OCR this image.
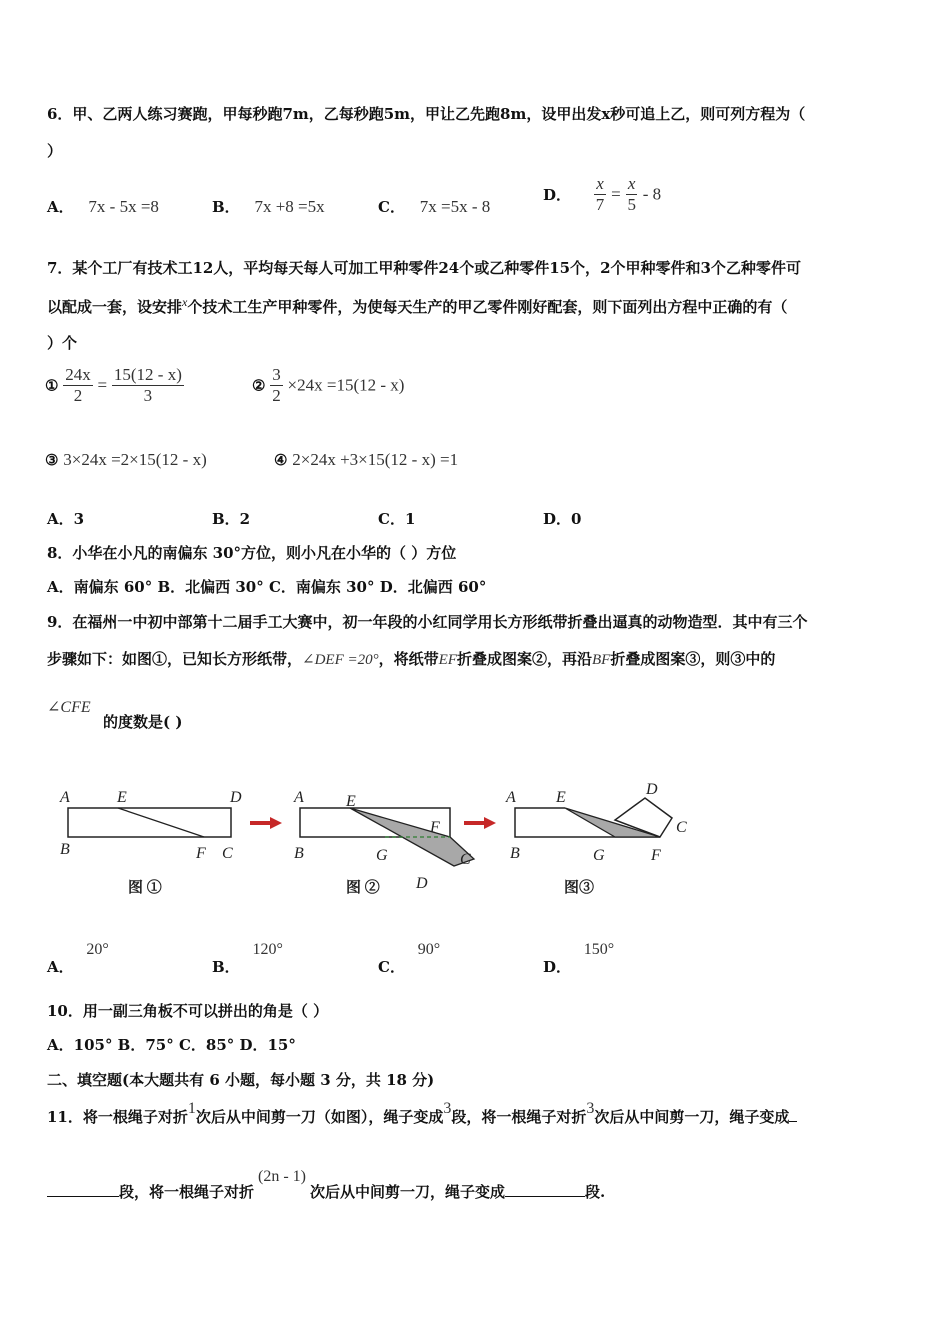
6．甲、乙两人练习赛跑，甲每秒跑7m，乙每秒跑5m，甲让乙先跑8m，设甲出发x秒可追上乙，则可列方程为（
）
A． 7x - 5x =8	B． 7x +8 =5x	C． 7x =5x - 8
D． $\frac{x}{7} = \frac{x}{5} - 8$
7．某个工厂有技术工12人，平均每天每人可加工甲种零件24个或乙种零件15个，2个甲种零件和3个乙种零件可
以配成一套，设安排$^x$个技术工生产甲种零件，为使每天生产的甲乙零件刚好配套，则下面列出方程中正确的有（
）个
① $\frac{24x}{2} = \frac{15(12 - x)}{3}$	② $\frac{3}{2} \times 24x =15(12 - x)$
③ 3×24x =2×15(12 - x)	④ 2×24x +3×15(12 - x) =1
A．3	B．2	C．1	D．0
8．小华在小凡的南偏东 30°方位，则小凡在小华的（ ）方位
A．南偏东 60° B．北偏西 30° C．南偏东 30° D．北偏西 60°
9．在福州一中初中部第十二届手工大赛中，初一年段的小红同学用长方形纸带折叠出逼真的动物造型．其中有三个
步骤如下：如图①，已知长方形纸带，∠DEF =20°，将纸带EF折叠成图案②，再沿BF折叠成图案③，则③中的
∠CFE
的度数是( )
A	E	D
B	F C
A	E
F
B	G	C
D
A	E	D
C
B	G	F
图 ①	图 ②	图③
A． 20°
B． 120°
C． 90°
D． 150°
10．用一副三角板不可以拼出的角是（ ）
A．105° B．75° C．85° D．15°
二、填空题(本大题共有 6 小题，每小题 3 分，共 18 分)
11．将一根绳子对折1次后从中间剪一刀（如图），绳子变成3段，将一根绳子对折3次后从中间剪一刀，绳子变成
段，将一根绳子对折(2n - 1)次后从中间剪一刀，绳子变成	段.
